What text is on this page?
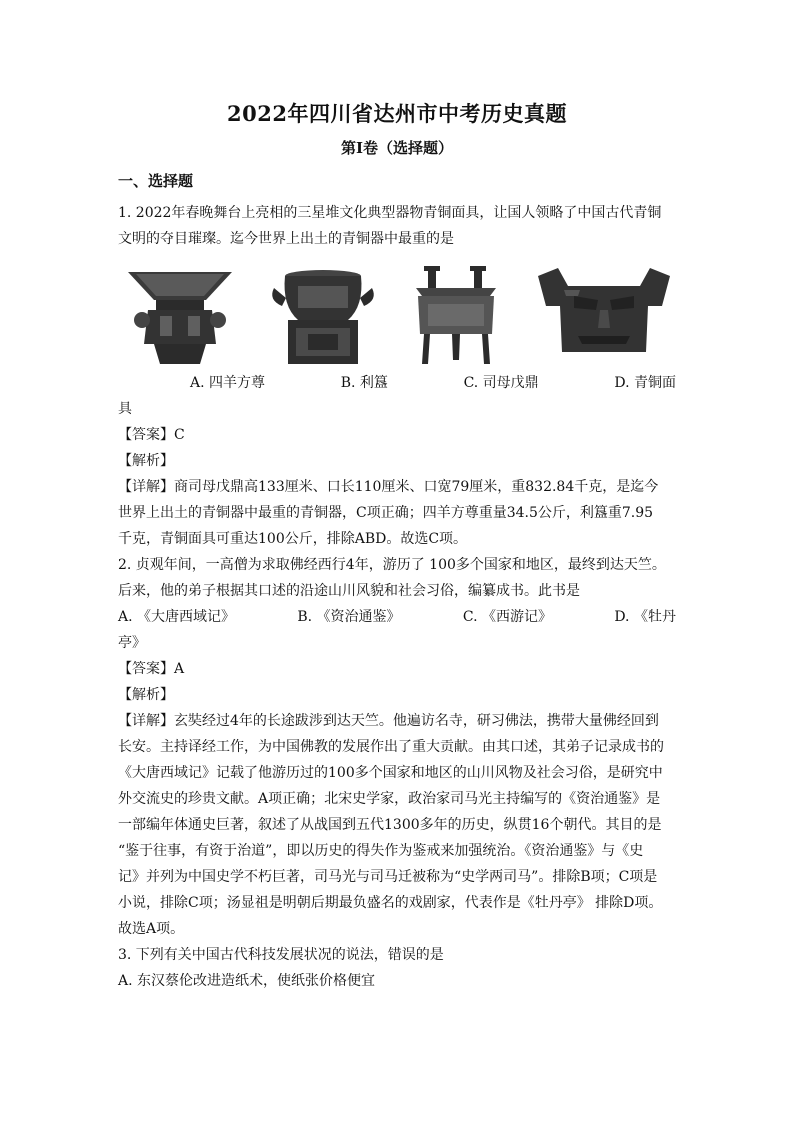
2022年四川省达州市中考历史真题
第Ⅰ卷（选择题）
一、选择题

1. 2022年春晚舞台上亮相的三星堆文化典型器物青铜面具，让国人领略了中国古代青铜

文明的夺目璀璨。迄今世界上出土的青铜器中最重的是

A. 四羊方尊	B. 利簋	C. 司母戊鼎	D. 青铜面

具

【答案】C

【解析】

【详解】商司母戊鼎高133厘米、口长110厘米、口宽79厘米，重832.84千克，是迄今

世界上出土的青铜器中最重的青铜器，C项正确；四羊方尊重量34.5公斤，利簋重7.95

千克，青铜面具可重达100公斤，排除ABD。故选C项。

2. 贞观年间，一高僧为求取佛经西行4年，游历了 100多个国家和地区，最终到达天竺。

后来，他的弟子根据其口述的沿途山川风貌和社会习俗，编纂成书。此书是

A. 《大唐西域记》	B. 《资治通鉴》	C. 《西游记》	D. 《牡丹

亭》

【答案】A

【解析】

【详解】玄奘经过4年的长途跋涉到达天竺。他遍访名寺，研习佛法，携带大量佛经回到

长安。主持译经工作，为中国佛教的发展作出了重大贡献。由其口述，其弟子记录成书的

《大唐西域记》记载了他游历过的100多个国家和地区的山川风物及社会习俗，是研究中

外交流史的珍贵文献。A项正确；北宋史学家，政治家司马光主持编写的《资治通鉴》是

一部编年体通史巨著，叙述了从战国到五代1300多年的历史，纵贯16个朝代。其目的是

“鉴于往事，有资于治道”，即以历史的得失作为鉴戒来加强统治。《资治通鉴》与《史

记》并列为中国史学不朽巨著，司马光与司马迁被称为“史学两司马”。排除B项；C项是

小说，排除C项；汤显祖是明朝后期最负盛名的戏剧家，代表作是《牡丹亭》 排除D项。

故选A项。

3. 下列有关中国古代科技发展状况的说法，错误的是

A. 东汉蔡伦改进造纸术，使纸张价格便宜
